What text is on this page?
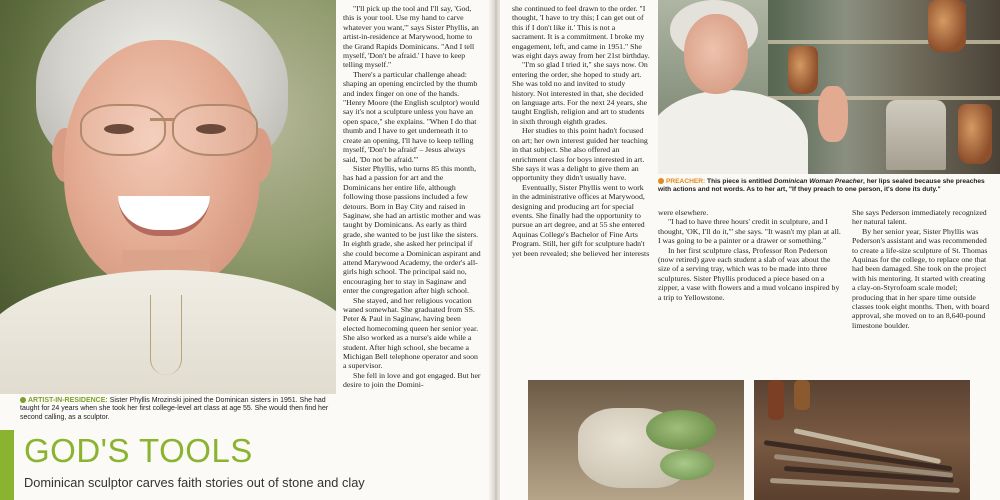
ARTIST-IN-RESIDENCE: Sister Phyllis Mrozinski joined the Dominican sisters in 1951. She had taught for 24 years when she took her first college-level art class at age 55. She would then find her second calling, as a sculptor.
GOD'S TOOLS
Dominican sculptor carves faith stories out of stone and clay

"I'll pick up the tool and I'll say, 'God, this is your tool. Use my hand to carve whatever you want,'" says Sister Phyllis, an artist-in-residence at Marywood, home to the Grand Rapids Dominicans. "And I tell myself, 'Don't be afraid.' I have to keep telling myself."

There's a particular challenge ahead: shaping an opening encircled by the thumb and index finger on one of the hands. "Henry Moore (the English sculptor) would say it's not a sculpture unless you have an open space," she explains. "When I do that thumb and I have to get underneath it to create an opening, I'll have to keep telling myself, 'Don't be afraid' – Jesus always said, 'Do not be afraid.'"

Sister Phyllis, who turns 85 this month, has had a passion for art and the Dominicans her entire life, although following those passions included a few detours. Born in Bay City and raised in Saginaw, she had an artistic mother and was taught by Dominicans. As early as third grade, she wanted to be just like the sisters. In eighth grade, she asked her principal if she could become a Dominican aspirant and attend Marywood Academy, the order's all-girls high school. The principal said no, encouraging her to stay in Saginaw and enter the congregation after high school.

She stayed, and her religious vocation waned somewhat. She graduated from SS. Peter & Paul in Saginaw, having been elected homecoming queen her senior year. She also worked as a nurse's aide while a student. After high school, she became a Michigan Bell telephone operator and soon a supervisor.

She fell in love and got engaged. But her desire to join the Domini-

she continued to feel drawn to the order. "I thought, 'I have to try this; I can get out of this if I don't like it.' This is not a sacrament. It is a commitment. I broke my engagement, left, and came in 1951." She was eight days away from her 21st birthday.

"I'm so glad I tried it," she says now. On entering the order, she hoped to study art. She was told no and invited to study history. Not interested in that, she decided on language arts. For the next 24 years, she taught English, religion and art to students in sixth through eighth grades.

Her studies to this point hadn't focused on art; her own interest guided her teaching in that subject. She also offered an enrichment class for boys interested in art. She says it was a delight to give them an opportunity they didn't usually have.

Eventually, Sister Phyllis went to work in the administrative offices at Marywood, designing and producing art for special events. She finally had the opportunity to pursue an art degree, and at 55 she entered Aquinas College's Bachelor of Fine Arts Program. Still, her gift for sculpture hadn't yet been revealed; she believed her interests

PREACHER: This piece is entitled Dominican Woman Preacher, her lips sealed because she preaches with actions and not words. As to her art, "If they preach to one person, it's done its duty."

were elsewhere.

"I had to have three hours' credit in sculpture, and I thought, 'OK, I'll do it,'" she says. "It wasn't my plan at all. I was going to be a painter or a drawer or something."

In her first sculpture class, Professor Ron Pederson (now retired) gave each student a slab of wax about the size of a serving tray, which was to be made into three sculptures. Sister Phyllis produced a piece based on a zipper, a vase with flowers and a mud volcano inspired by a trip to Yellowstone.

She says Pederson immediately recognized her natural talent.

By her senior year, Sister Phyllis was Pederson's assistant and was recommended to create a life-size sculpture of St. Thomas Aquinas for the college, to replace one that had been damaged. She took on the project with his mentoring. It started with creating a clay-on-Styrofoam scale model; producing that in her spare time outside classes took eight months. Then, with board approval, she moved on to an 8,640-pound limestone boulder.
